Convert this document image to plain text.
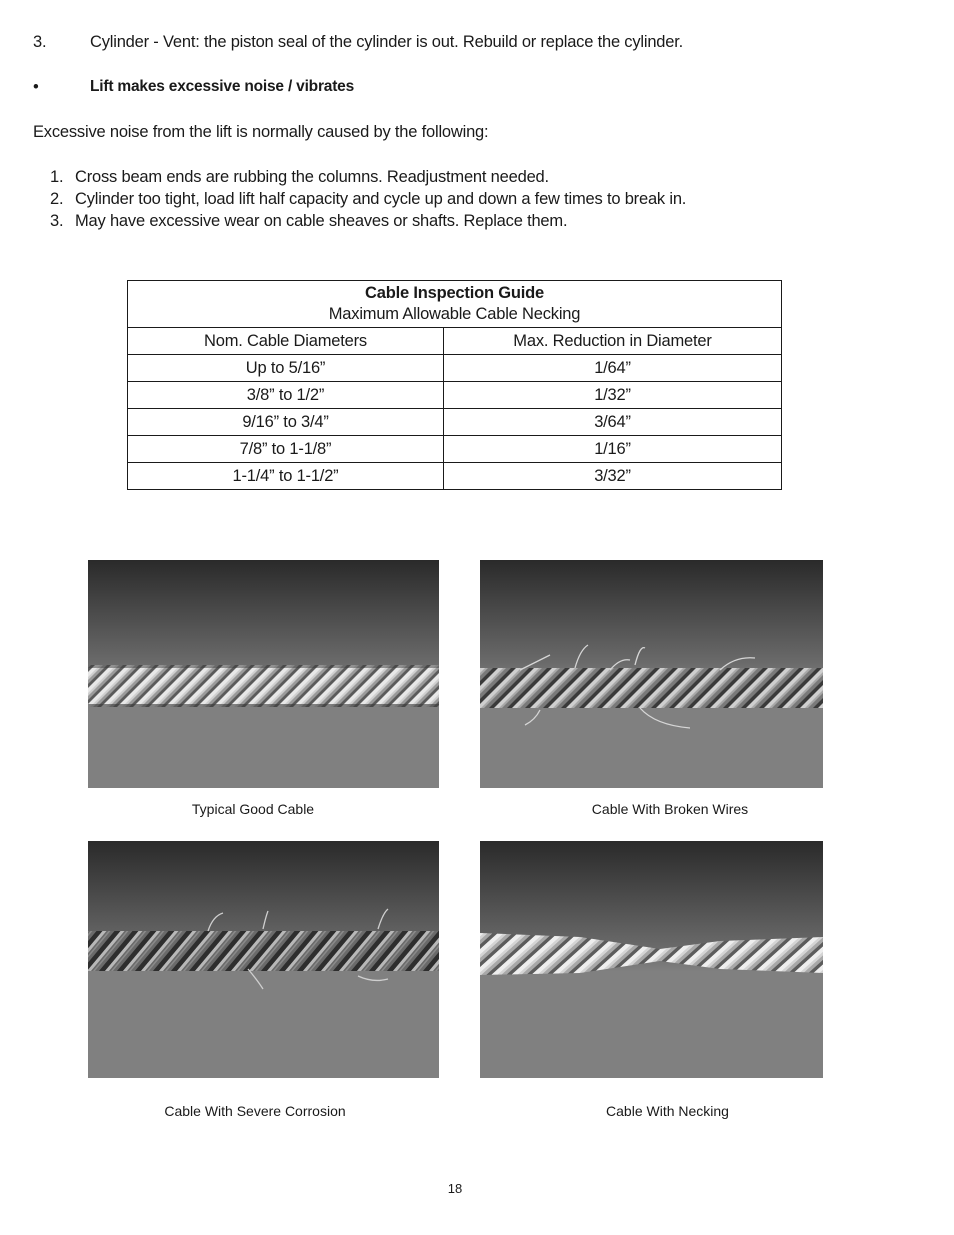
3.	Cylinder - Vent: the piston seal of the cylinder is out. Rebuild or replace the cylinder.
•	Lift makes excessive noise / vibrates
Excessive noise from the lift is normally caused by the following:
1. Cross beam ends are rubbing the columns. Readjustment needed.
2. Cylinder too tight, load lift half capacity and cycle up and down a few times to break in.
3. May have excessive wear on cable sheaves or shafts. Replace them.
Cable Inspection Guide
Maximum Allowable Cable Necking	

Nom. Cable Diameters	Max. Reduction in Diameter
Up to 5/16”	1/64”
3/8” to 1/2”	1/32”
9/16” to 3/4”	3/64”
7/8” to 1-1/8”	1/16”
1-1/4” to 1-1/2”	3/32”
Typical Good Cable	Cable With Broken Wires
Cable With Severe Corrosion	Cable With Necking
18
